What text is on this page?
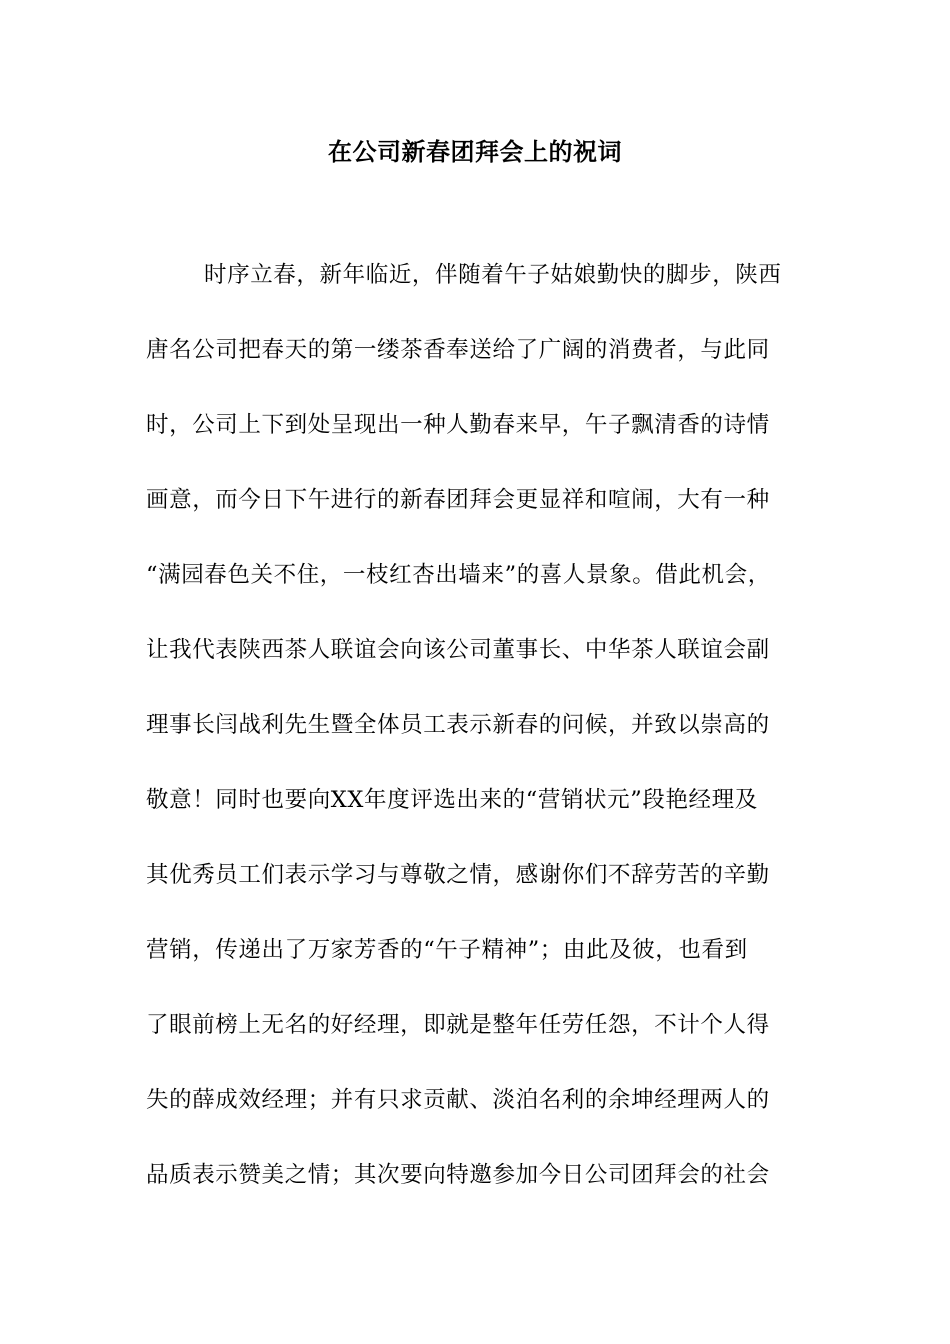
在公司新春团拜会上的祝词
时序立春，新年临近，伴随着午子姑娘勤快的脚步，陕西
唐名公司把春天的第一缕茶香奉送给了广阔的消费者，与此同
时，公司上下到处呈现出一种人勤春来早，午子飘清香的诗情
画意，而今日下午进行的新春团拜会更显祥和喧闹，大有一种
“满园春色关不住，一枝红杏出墙来”的喜人景象。借此机会，
让我代表陕西茶人联谊会向该公司董事长、中华茶人联谊会副
理事长闫战利先生暨全体员工表示新春的问候，并致以崇高的
敬意！同时也要向XX年度评选出来的“营销状元”段艳经理及
其优秀员工们表示学习与尊敬之情，感谢你们不辞劳苦的辛勤
营销，传递出了万家芳香的“午子精神”；由此及彼，也看到
了眼前榜上无名的好经理，即就是整年任劳任怨，不计个人得
失的薛成效经理；并有只求贡献、淡泊名利的余坤经理两人的
品质表示赞美之情；其次要向特邀参加今日公司团拜会的社会
